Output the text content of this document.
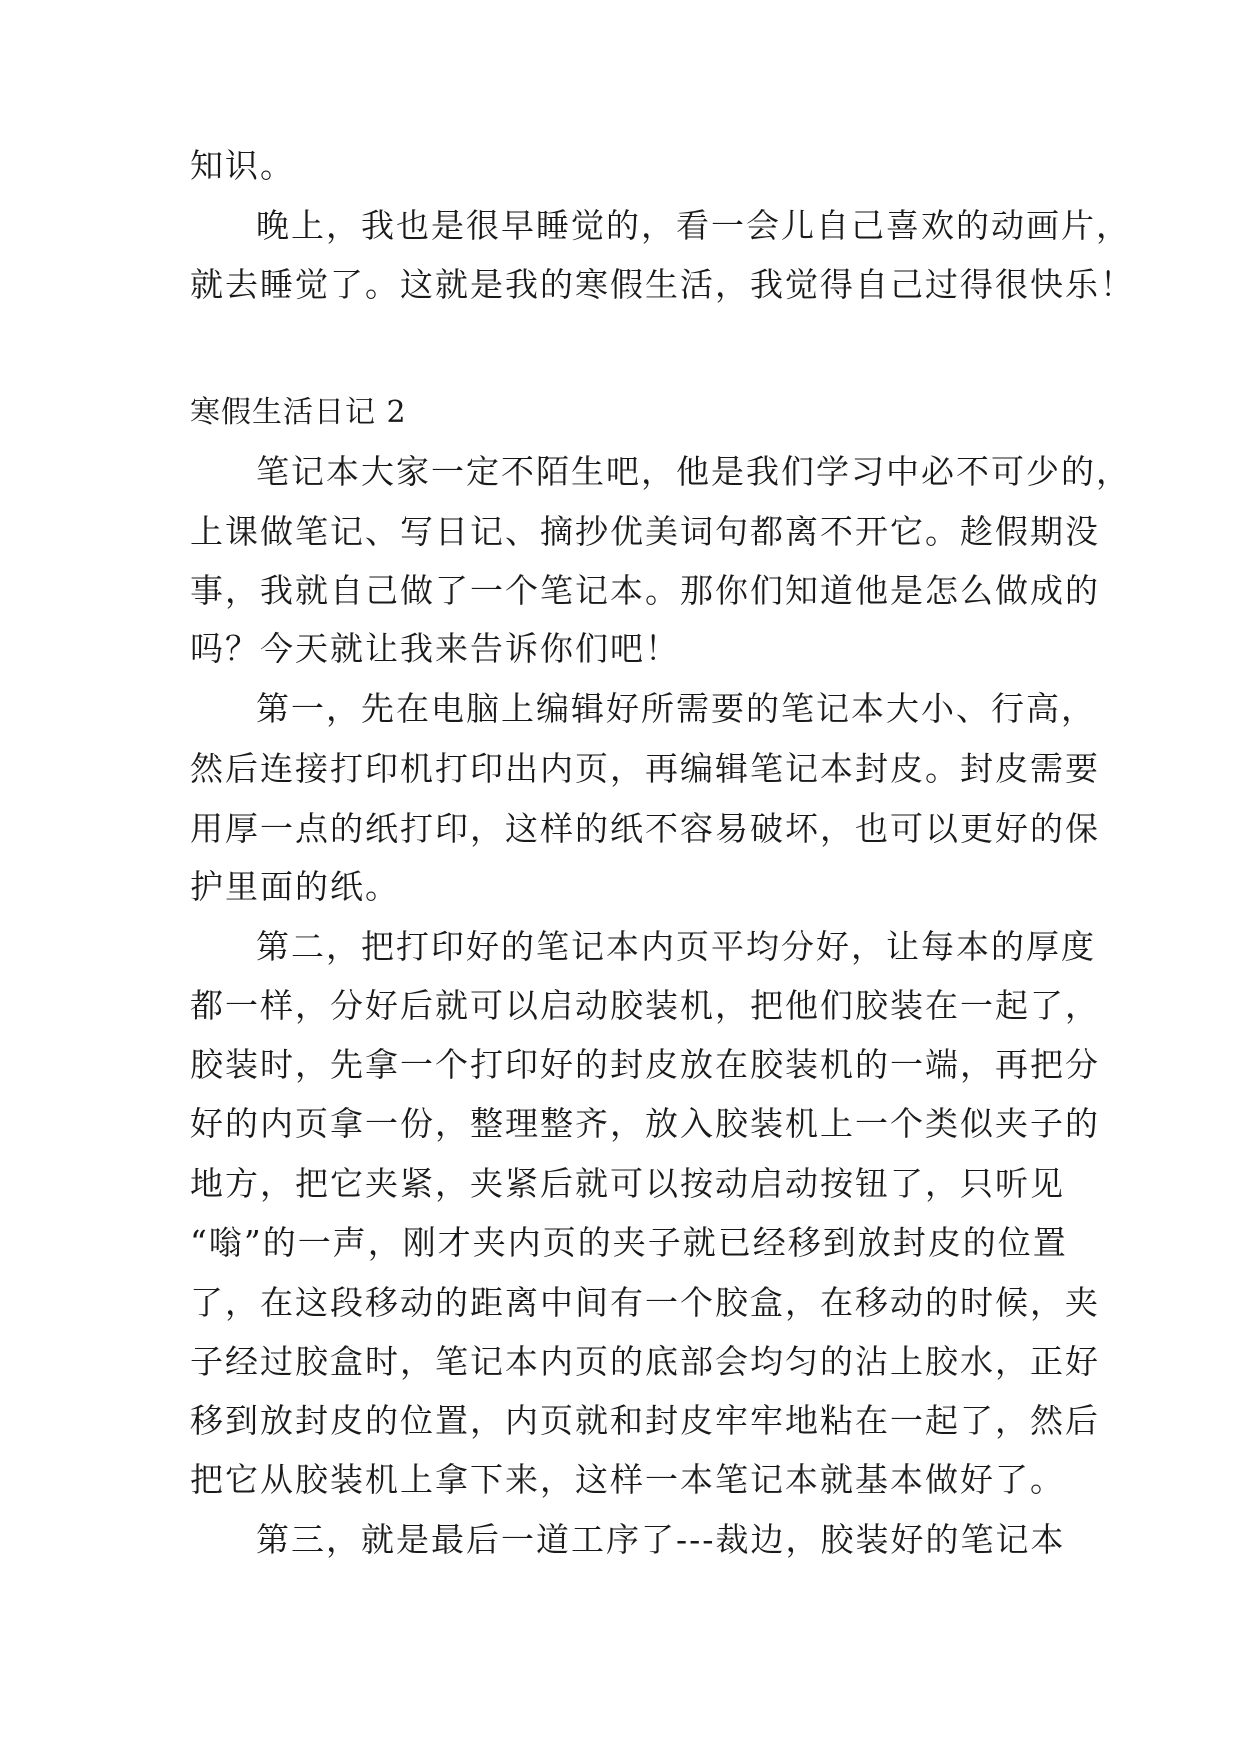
知识。
晚上，我也是很早睡觉的，看一会儿自己喜欢的动画片，
就去睡觉了。这就是我的寒假生活，我觉得自己过得很快乐！
寒假生活日记 2
笔记本大家一定不陌生吧，他是我们学习中必不可少的，
上课做笔记、写日记、摘抄优美词句都离不开它。趁假期没
事，我就自己做了一个笔记本。那你们知道他是怎么做成的
吗？今天就让我来告诉你们吧！
第一，先在电脑上编辑好所需要的笔记本大小、行高，
然后连接打印机打印出内页，再编辑笔记本封皮。封皮需要
用厚一点的纸打印，这样的纸不容易破坏，也可以更好的保
护里面的纸。
第二，把打印好的笔记本内页平均分好，让每本的厚度
都一样，分好后就可以启动胶装机，把他们胶装在一起了，
胶装时，先拿一个打印好的封皮放在胶装机的一端，再把分
好的内页拿一份，整理整齐，放入胶装机上一个类似夹子的
地方，把它夹紧，夹紧后就可以按动启动按钮了，只听见
“嗡”的一声，刚才夹内页的夹子就已经移到放封皮的位置
了，在这段移动的距离中间有一个胶盒，在移动的时候，夹
子经过胶盒时，笔记本内页的底部会均匀的沾上胶水，正好
移到放封皮的位置，内页就和封皮牢牢地粘在一起了，然后
把它从胶装机上拿下来，这样一本笔记本就基本做好了。
第三，就是最后一道工序了---裁边，胶装好的笔记本
